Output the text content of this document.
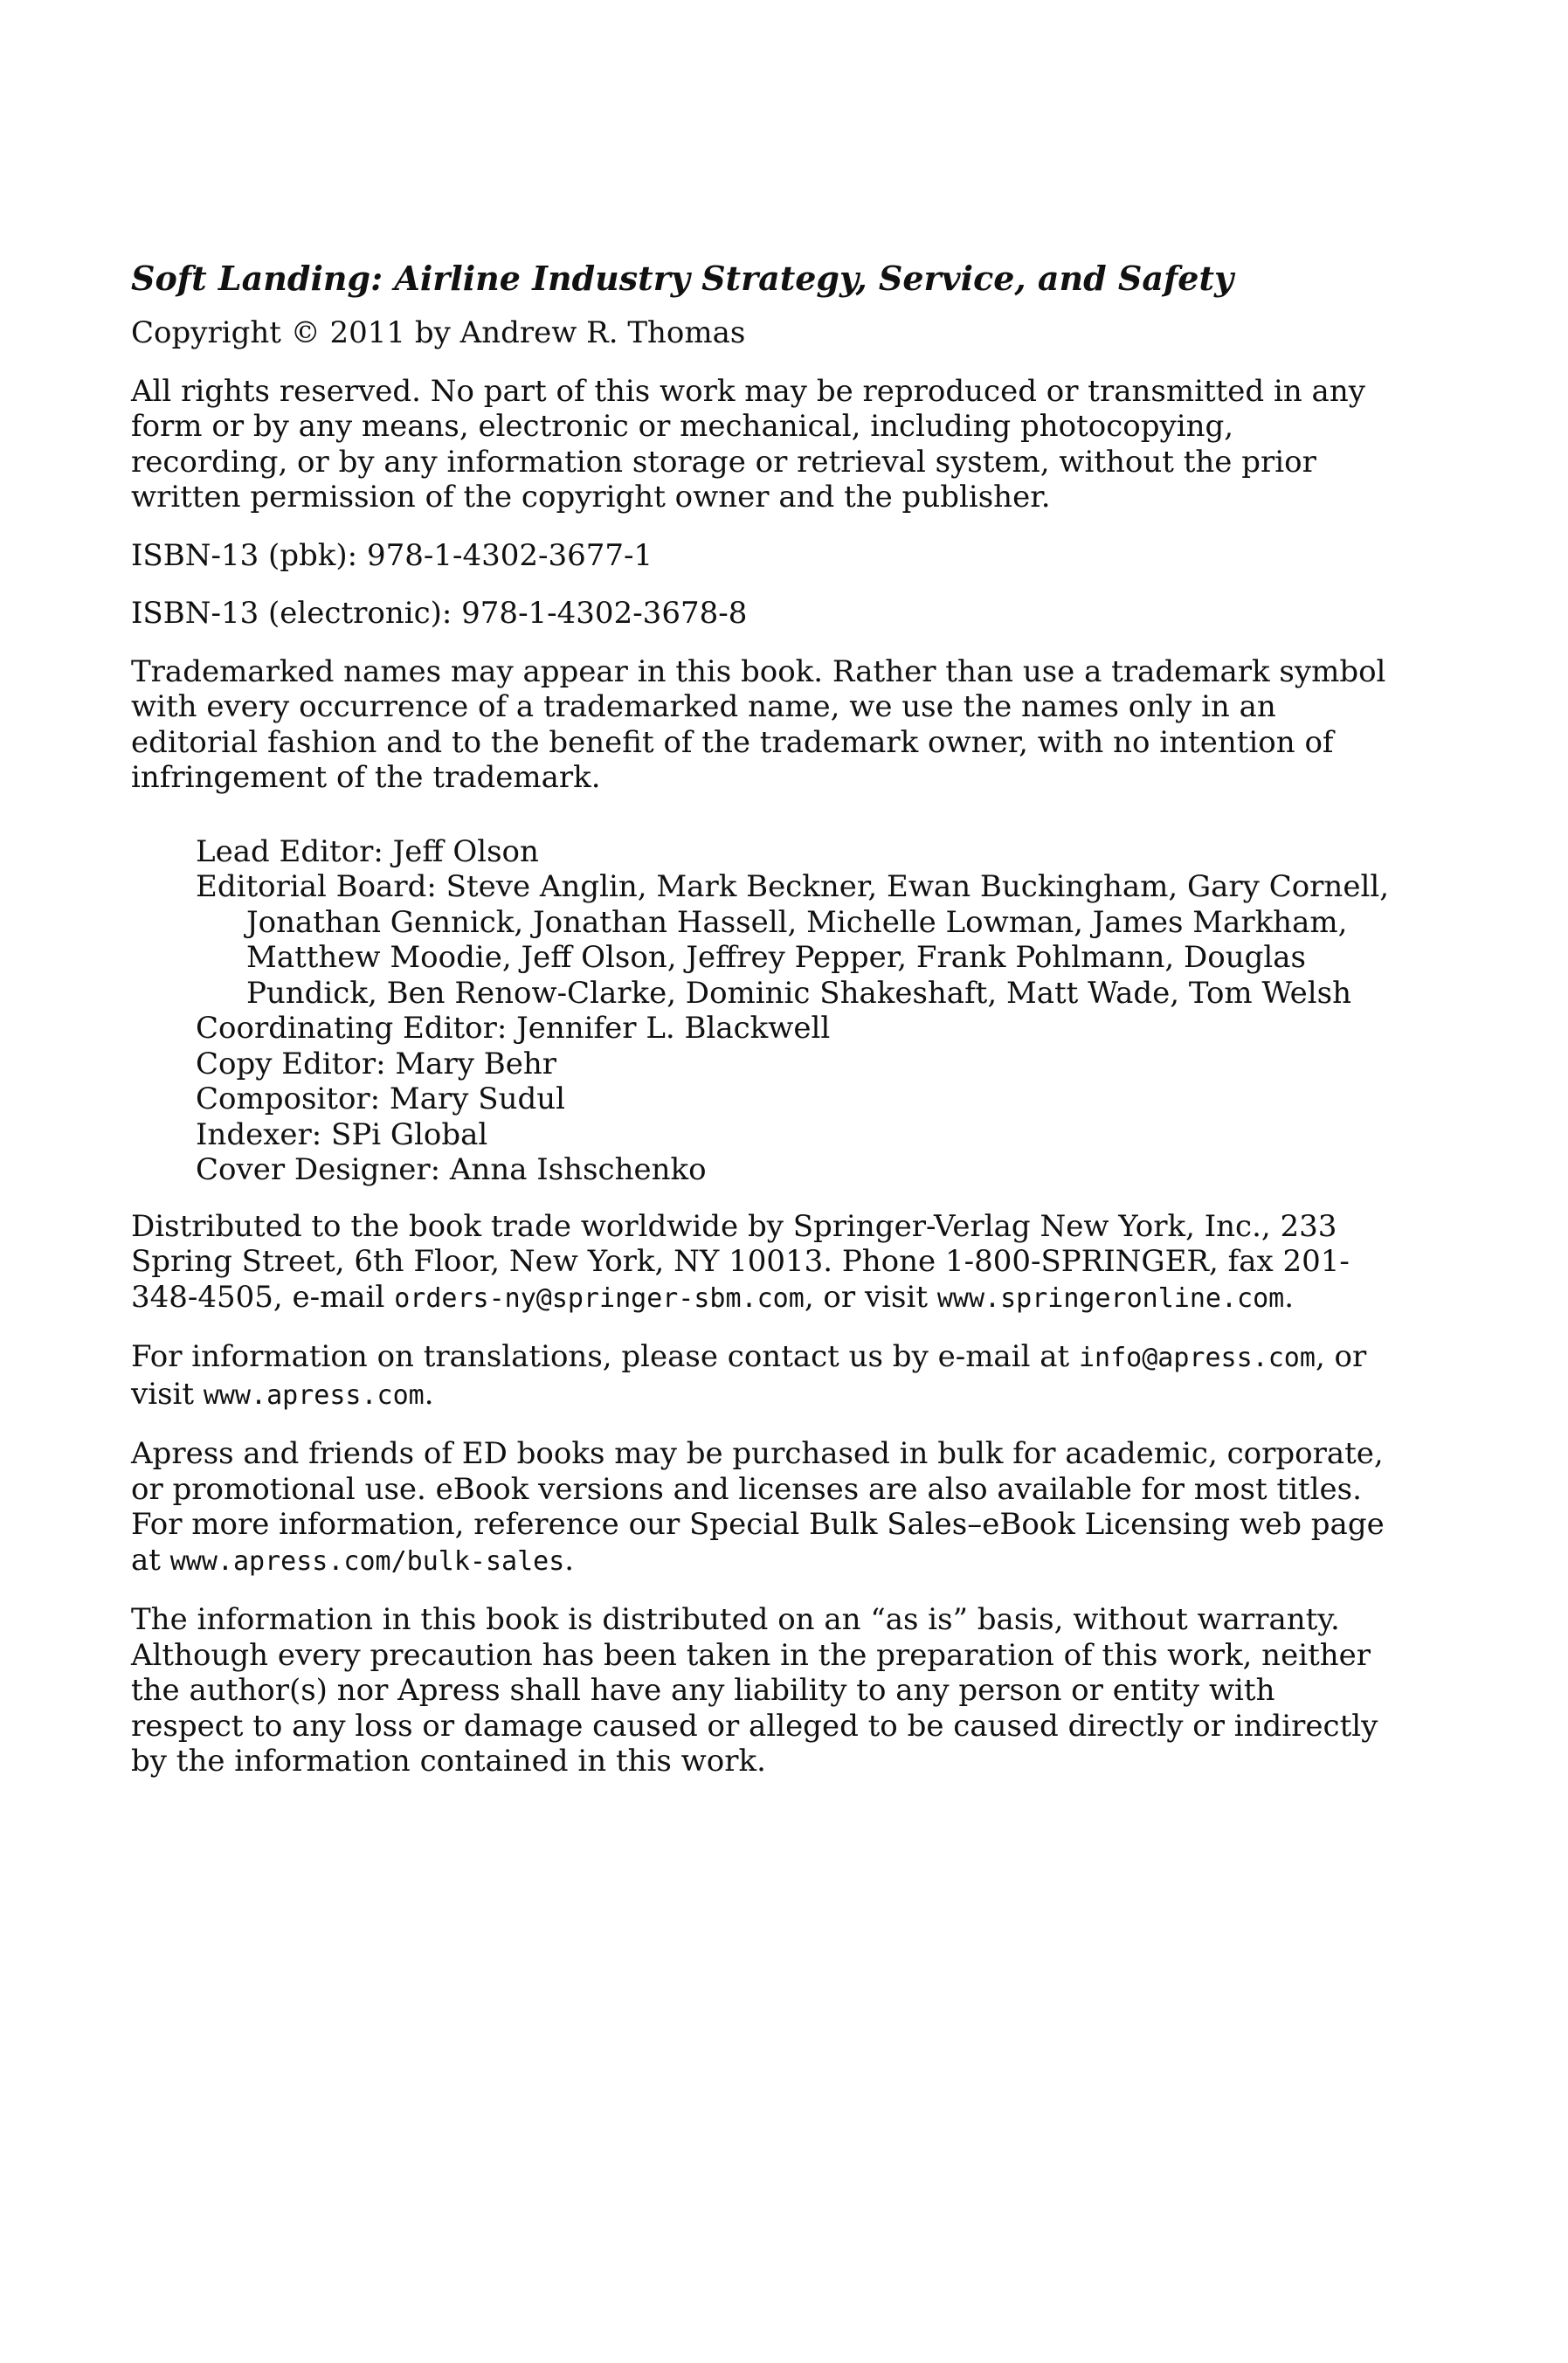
Soft Landing: Airline Industry Strategy, Service, and Safety

Copyright © 2011 by Andrew R. Thomas

All rights reserved. No part of this work may be reproduced or transmitted in any form or by any means, electronic or mechanical, including photocopying, recording, or by any information storage or retrieval system, without the prior written permission of the copyright owner and the publisher.

ISBN-13 (pbk): 978-1-4302-3677-1

ISBN-13 (electronic): 978-1-4302-3678-8

Trademarked names may appear in this book. Rather than use a trademark symbol with every occurrence of a trademarked name, we use the names only in an editorial fashion and to the benefit of the trademark owner, with no intention of infringement of the trademark.

Lead Editor: Jeff Olson
Editorial Board: Steve Anglin, Mark Beckner, Ewan Buckingham, Gary Cornell, Jonathan Gennick, Jonathan Hassell, Michelle Lowman, James Markham, Matthew Moodie, Jeff Olson, Jeffrey Pepper, Frank Pohlmann, Douglas Pundick, Ben Renow-Clarke, Dominic Shakeshaft, Matt Wade, Tom Welsh
Coordinating Editor: Jennifer L. Blackwell
Copy Editor: Mary Behr
Compositor: Mary Sudul
Indexer: SPi Global
Cover Designer: Anna Ishschenko

Distributed to the book trade worldwide by Springer-Verlag New York, Inc., 233 Spring Street, 6th Floor, New York, NY 10013. Phone 1-800-SPRINGER, fax 201-348-4505, e-mail orders-ny@springer-sbm.com, or visit www.springeronline.com.

For information on translations, please contact us by e-mail at info@apress.com, or visit www.apress.com.

Apress and friends of ED books may be purchased in bulk for academic, corporate, or promotional use. eBook versions and licenses are also available for most titles. For more information, reference our Special Bulk Sales–eBook Licensing web page at www.apress.com/bulk-sales.

The information in this book is distributed on an “as is” basis, without warranty. Although every precaution has been taken in the preparation of this work, neither the author(s) nor Apress shall have any liability to any person or entity with respect to any loss or damage caused or alleged to be caused directly or indirectly by the information contained in this work.
